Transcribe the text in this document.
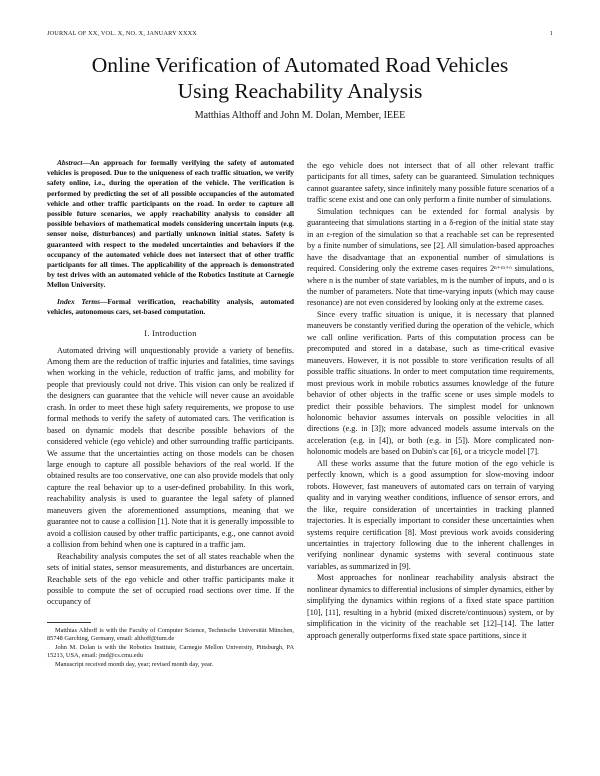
JOURNAL OF XX, VOL. X, NO. X, JANUARY XXXX	1
Online Verification of Automated Road Vehicles
Using Reachability Analysis
Matthias Althoff and John M. Dolan, Member, IEEE

Abstract—An approach for formally verifying the safety of automated vehicles is proposed. Due to the uniqueness of each traffic situation, we verify safety online, i.e., during the operation of the vehicle. The verification is performed by predicting the set of all possible occupancies of the automated vehicle and other traffic participants on the road. In order to capture all possible future scenarios, we apply reachability analysis to consider all possible behaviors of mathematical models considering uncertain inputs (e.g. sensor noise, disturbances) and partially unknown initial states. Safety is guaranteed with respect to the modeled uncertainties and behaviors if the occupancy of the automated vehicle does not intersect that of other traffic participants for all times. The applicability of the approach is demonstrated by test drives with an automated vehicle of the Robotics Institute at Carnegie Mellon University.

Index Terms—Formal verification, reachability analysis, automated vehicles, autonomous cars, set-based computation.

I. Introduction

Automated driving will unquestionably provide a variety of benefits. Among them are the reduction of traffic injuries and fatalities, time savings when working in the vehicle, reduction of traffic jams, and mobility for people that previously could not drive. This vision can only be realized if the designers can guarantee that the vehicle will never cause an avoidable crash. In order to meet these high safety requirements, we propose to use formal methods to verify the safety of automated cars. The verification is based on dynamic models that describe possible behaviors of the considered vehicle (ego vehicle) and other surrounding traffic participants. We assume that the uncertainties acting on those models can be chosen large enough to capture all possible behaviors of the real world. If the obtained results are too conservative, one can also provide models that only capture the real behavior up to a user-defined probability. In this work, reachability analysis is used to guarantee the legal safety of planned maneuvers given the aforementioned assumptions, meaning that we guarantee not to cause a collision [1]. Note that it is generally impossible to avoid a collision caused by other traffic participants, e.g., one cannot avoid a collision from behind when one is captured in a traffic jam.

Reachability analysis computes the set of all states reachable when the sets of initial states, sensor measurements, and disturbances are uncertain. Reachable sets of the ego vehicle and other traffic participants make it possible to compute the set of occupied road sections over time. If the occupancy of

Matthias Althoff is with the Faculty of Computer Science, Technische Universität München, 85748 Garching, Germany, email: althoff@tum.de

John M. Dolan is with the Robotics Institute, Carnegie Mellon University, Pittsburgh, PA 15213, USA, email: jmd@cs.cmu.edu

Manuscript received month day, year; revised month day, year.

the ego vehicle does not intersect that of all other relevant traffic participants for all times, safety can be guaranteed. Simulation techniques cannot guarantee safety, since infinitely many possible future scenarios of a traffic scene exist and one can only perform a finite number of simulations.

Simulation techniques can be extended for formal analysis by guaranteeing that simulations starting in a δ-region of the initial state stay in an ε-region of the simulation so that a reachable set can be represented by a finite number of simulations, see [2]. All simulation-based approaches have the disadvantage that an exponential number of simulations is required. Considering only the extreme cases requires 2ⁿ⁺ᵐ⁺ᵒ simulations, where n is the number of state variables, m is the number of inputs, and o is the number of parameters. Note that time-varying inputs (which may cause resonance) are not even considered by looking only at the extreme cases.

Since every traffic situation is unique, it is necessary that planned maneuvers be constantly verified during the operation of the vehicle, which we call online verification. Parts of this computation process can be precomputed and stored in a database, such as time-critical evasive maneuvers. However, it is not possible to store verification results of all possible traffic situations. In order to meet computation time requirements, most previous work in mobile robotics assumes knowledge of the future behavior of other objects in the traffic scene or uses simple models to predict their possible behaviors. The simplest model for unknown holonomic behavior assumes intervals on possible velocities in all directions (e.g. in [3]); more advanced models assume intervals on the acceleration (e.g. in [4]), or both (e.g. in [5]). More complicated non-holonomic models are based on Dubin's car [6], or a tricycle model [7].

All these works assume that the future motion of the ego vehicle is perfectly known, which is a good assumption for slow-moving indoor robots. However, fast maneuvers of automated cars on terrain of varying quality and in varying weather conditions, influence of sensor errors, and the like, require consideration of uncertainties in tracking planned trajectories. It is especially important to consider these uncertainties when systems require certification [8]. Most previous work avoids considering uncertainties in trajectory following due to the inherent challenges in verifying nonlinear dynamic systems with several continuous state variables, as summarized in [9].

Most approaches for nonlinear reachability analysis abstract the nonlinear dynamics to differential inclusions of simpler dynamics, either by simplifying the dynamics within regions of a fixed state space partition [10], [11], resulting in a hybrid (mixed discrete/continuous) system, or by simplification in the vicinity of the reachable set [12]–[14]. The latter approach generally outperforms fixed state space partitions, since it
